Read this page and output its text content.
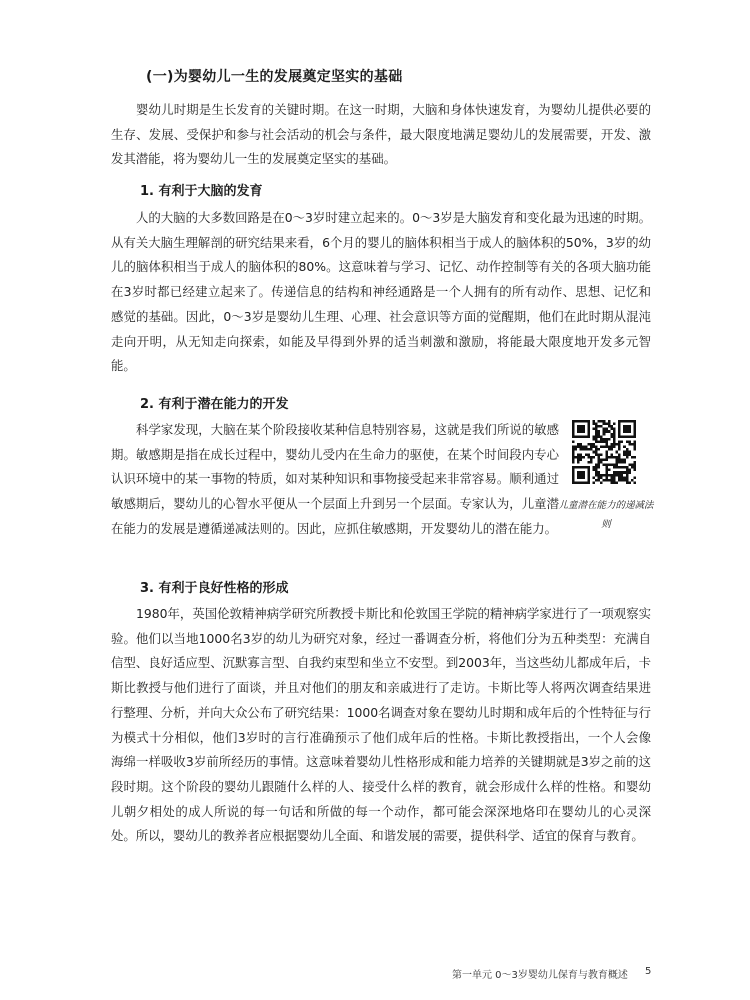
(一)为婴幼儿一生的发展奠定坚实的基础
婴幼儿时期是生长发育的关键时期。在这一时期，大脑和身体快速发育，为婴幼儿提供必要的生存、发展、受保护和参与社会活动的机会与条件，最大限度地满足婴幼儿的发展需要，开发、激发其潜能，将为婴幼儿一生的发展奠定坚实的基础。
1. 有利于大脑的发育
人的大脑的大多数回路是在0～3岁时建立起来的。0～3岁是大脑发育和变化最为迅速的时期。从有关大脑生理解剖的研究结果来看，6个月的婴儿的脑体积相当于成人的脑体积的50%，3岁的幼儿的脑体积相当于成人的脑体积的80%。这意味着与学习、记忆、动作控制等有关的各项大脑功能在3岁时都已经建立起来了。传递信息的结构和神经通路是一个人拥有的所有动作、思想、记忆和感觉的基础。因此，0～3岁是婴幼儿生理、心理、社会意识等方面的觉醒期，他们在此时期从混沌走向开明，从无知走向探索，如能及早得到外界的适当刺激和激励，将能最大限度地开发多元智能。
2. 有利于潜在能力的开发
科学家发现，大脑在某个阶段接收某种信息特别容易，这就是我们所说的敏感期。敏感期是指在成长过程中，婴幼儿受内在生命力的驱使，在某个时间段内专心认识环境中的某一事物的特质，如对某种知识和事物接受起来非常容易。顺利通过敏感期后，婴幼儿的心智水平便从一个层面上升到另一个层面。专家认为，儿童潜在能力的发展是遵循递减法则的。因此，应抓住敏感期，开发婴幼儿的潜在能力。
儿童潜在能力的递减法则
3. 有利于良好性格的形成
1980年，英国伦敦精神病学研究所教授卡斯比和伦敦国王学院的精神病学家进行了一项观察实验。他们以当地1000名3岁的幼儿为研究对象，经过一番调查分析，将他们分为五种类型：充满自信型、良好适应型、沉默寡言型、自我约束型和坐立不安型。到2003年，当这些幼儿都成年后，卡斯比教授与他们进行了面谈，并且对他们的朋友和亲戚进行了走访。卡斯比等人将两次调查结果进行整理、分析，并向大众公布了研究结果：1000名调查对象在婴幼儿时期和成年后的个性特征与行为模式十分相似，他们3岁时的言行准确预示了他们成年后的性格。卡斯比教授指出，一个人会像海绵一样吸收3岁前所经历的事情。这意味着婴幼儿性格形成和能力培养的关键期就是3岁之前的这段时期。这个阶段的婴幼儿跟随什么样的人、接受什么样的教育，就会形成什么样的性格。和婴幼儿朝夕相处的成人所说的每一句话和所做的每一个动作，都可能会深深地烙印在婴幼儿的心灵深处。所以，婴幼儿的教养者应根据婴幼儿全面、和谐发展的需要，提供科学、适宜的保育与教育。
第一单元 0～3岁婴幼儿保育与教育概述 5
